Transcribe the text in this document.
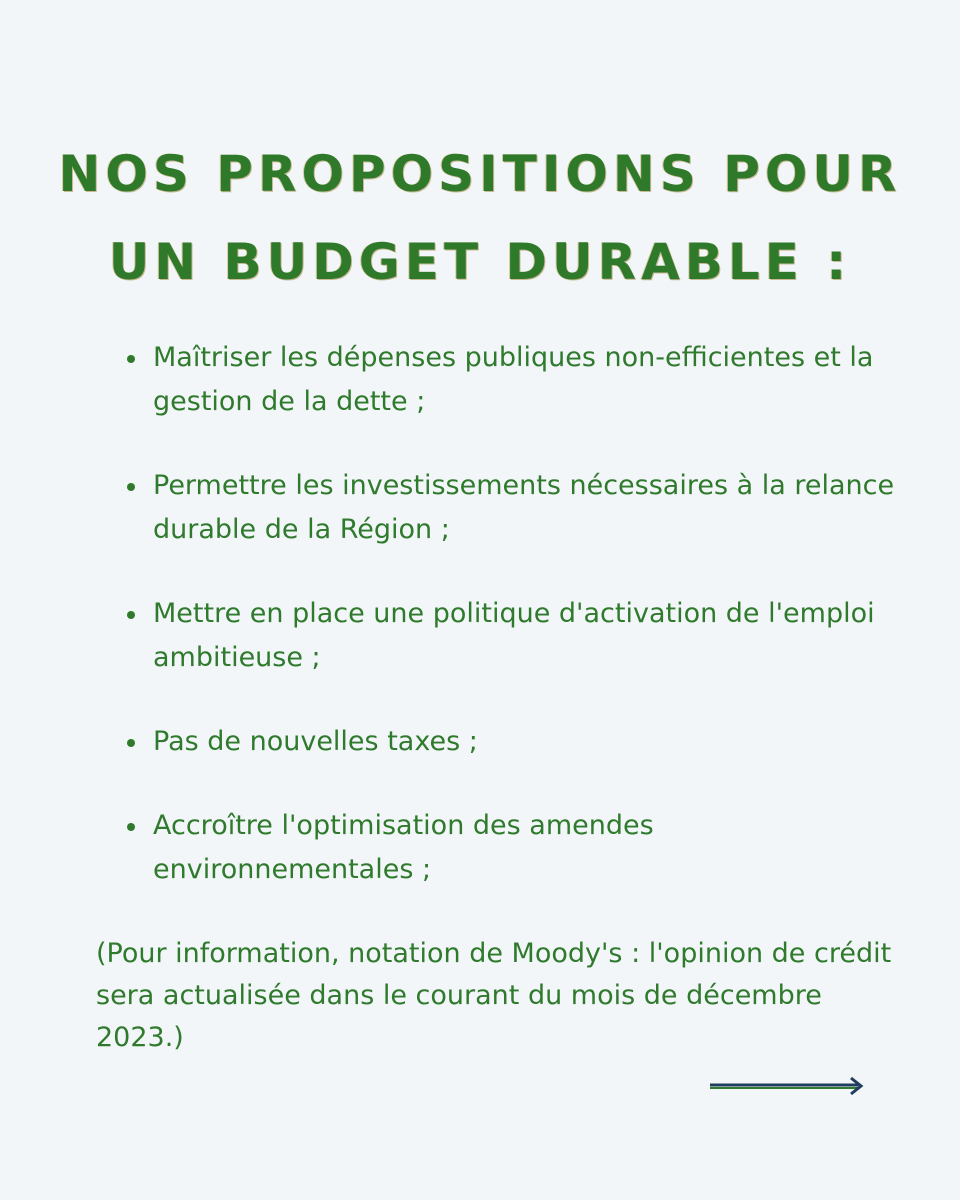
NOS PROPOSITIONS POUR
UN BUDGET DURABLE :
Maîtriser les dépenses publiques non-efficientes et la gestion de la dette ;
Permettre les investissements nécessaires à la relance durable de la Région ;
Mettre en place une politique d'activation de l'emploi ambitieuse ;
Pas de nouvelles taxes ;
Accroître l'optimisation des amendes environnementales ;

(Pour information, notation de Moody's : l'opinion de crédit sera actualisée dans le courant du mois de décembre 2023.)
